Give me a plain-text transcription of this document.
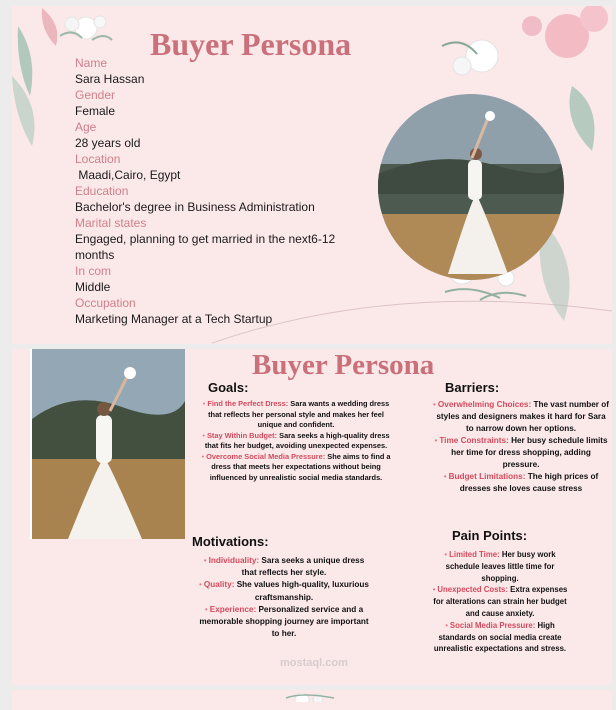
Buyer Persona
Name
Sara Hassan
Gender
Female
Age
28 years old
Location
Maadi,Cairo, Egypt
Education
Bachelor's degree in Business Administration
Marital states
Engaged, planning to get married in the next6-12 months
In com
Middle
Occupation
Marketing Manager at a Tech Startup
Buyer Persona
Goals:
• Find the Perfect Dress: Sara wants a wedding dress that reflects her personal style and makes her feel unique and confident.
• Stay Within Budget: Sara seeks a high-quality dress that fits her budget, avoiding unexpected expenses.
• Overcome Social Media Pressure: She aims to find a dress that meets her expectations without being influenced by unrealistic social media standards.
Barriers:
• Overwhelming Choices: The vast number of styles and designers makes it hard for Sara to narrow down her options.
• Time Constraints: Her busy schedule limits her time for dress shopping, adding pressure.
• Budget Limitations: The high prices of dresses she loves cause stress
Motivations:
• Individuality: Sara seeks a unique dress that reflects her style.
• Quality: She values high-quality, luxurious craftsmanship.
• Experience: Personalized service and a memorable shopping journey are important to her.
Pain Points:
• Limited Time: Her busy work schedule leaves little time for shopping.
• Unexpected Costs: Extra expenses for alterations can strain her budget and cause anxiety.
• Social Media Pressure: High standards on social media create unrealistic expectations and stress.
mostaql.com
